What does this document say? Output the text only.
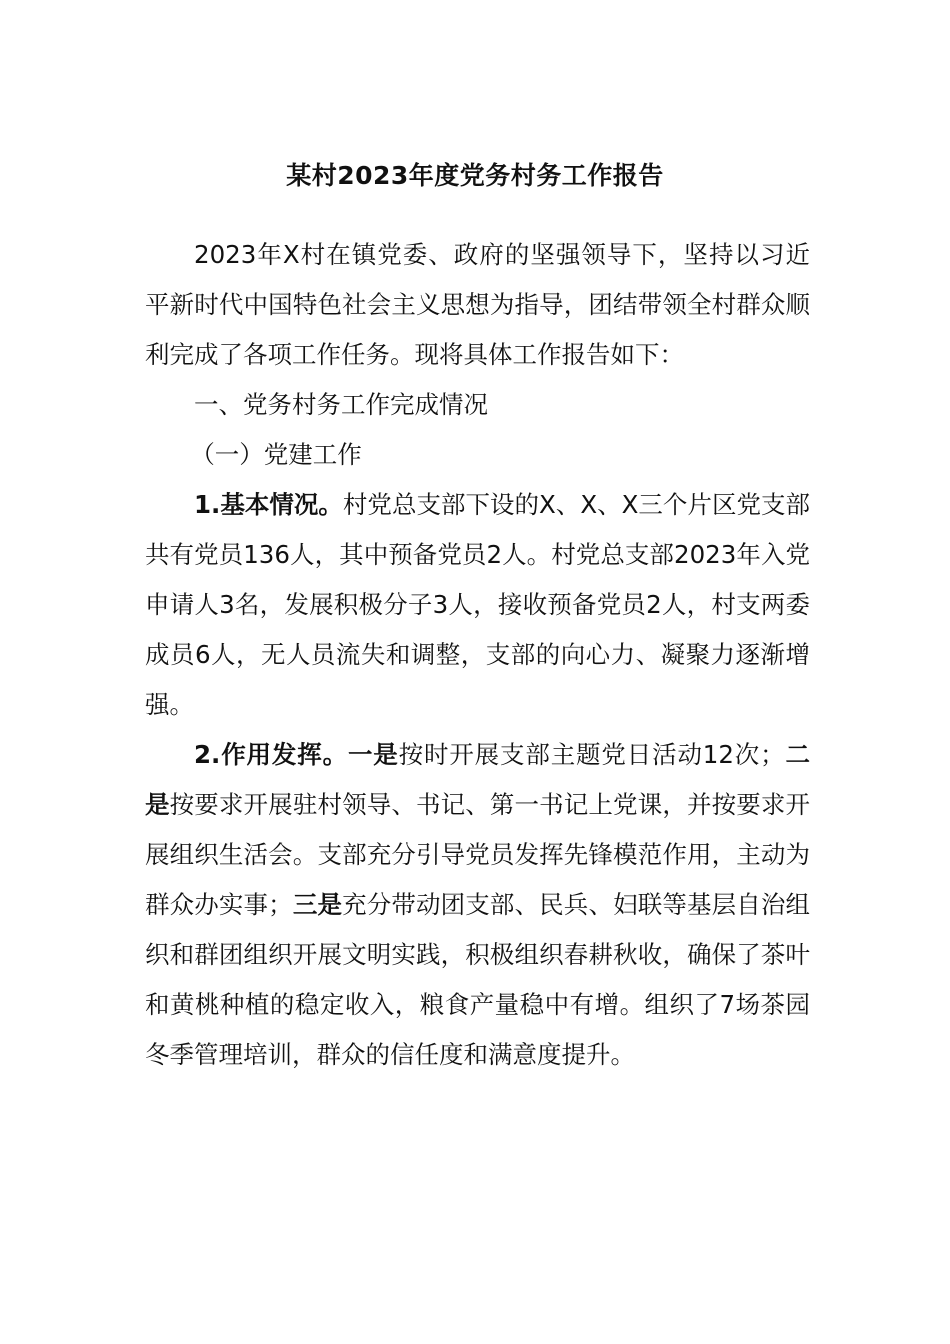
某村2023年度党务村务工作报告

2023年X村在镇党委、政府的坚强领导下，坚持以习近平新时代中国特色社会主义思想为指导，团结带领全村群众顺利完成了各项工作任务。现将具体工作报告如下：

一、党务村务工作完成情况

（一）党建工作

1.基本情况。村党总支部下设的X、X、X三个片区党支部共有党员136人，其中预备党员2人。村党总支部2023年入党申请人3名，发展积极分子3人，接收预备党员2人，村支两委成员6人，无人员流失和调整，支部的向心力、凝聚力逐渐增强。

2.作用发挥。一是按时开展支部主题党日活动12次；二是按要求开展驻村领导、书记、第一书记上党课，并按要求开展组织生活会。支部充分引导党员发挥先锋模范作用，主动为群众办实事；三是充分带动团支部、民兵、妇联等基层自治组织和群团组织开展文明实践，积极组织春耕秋收，确保了茶叶和黄桃种植的稳定收入，粮食产量稳中有增。组织了7场茶园冬季管理培训，群众的信任度和满意度提升。
